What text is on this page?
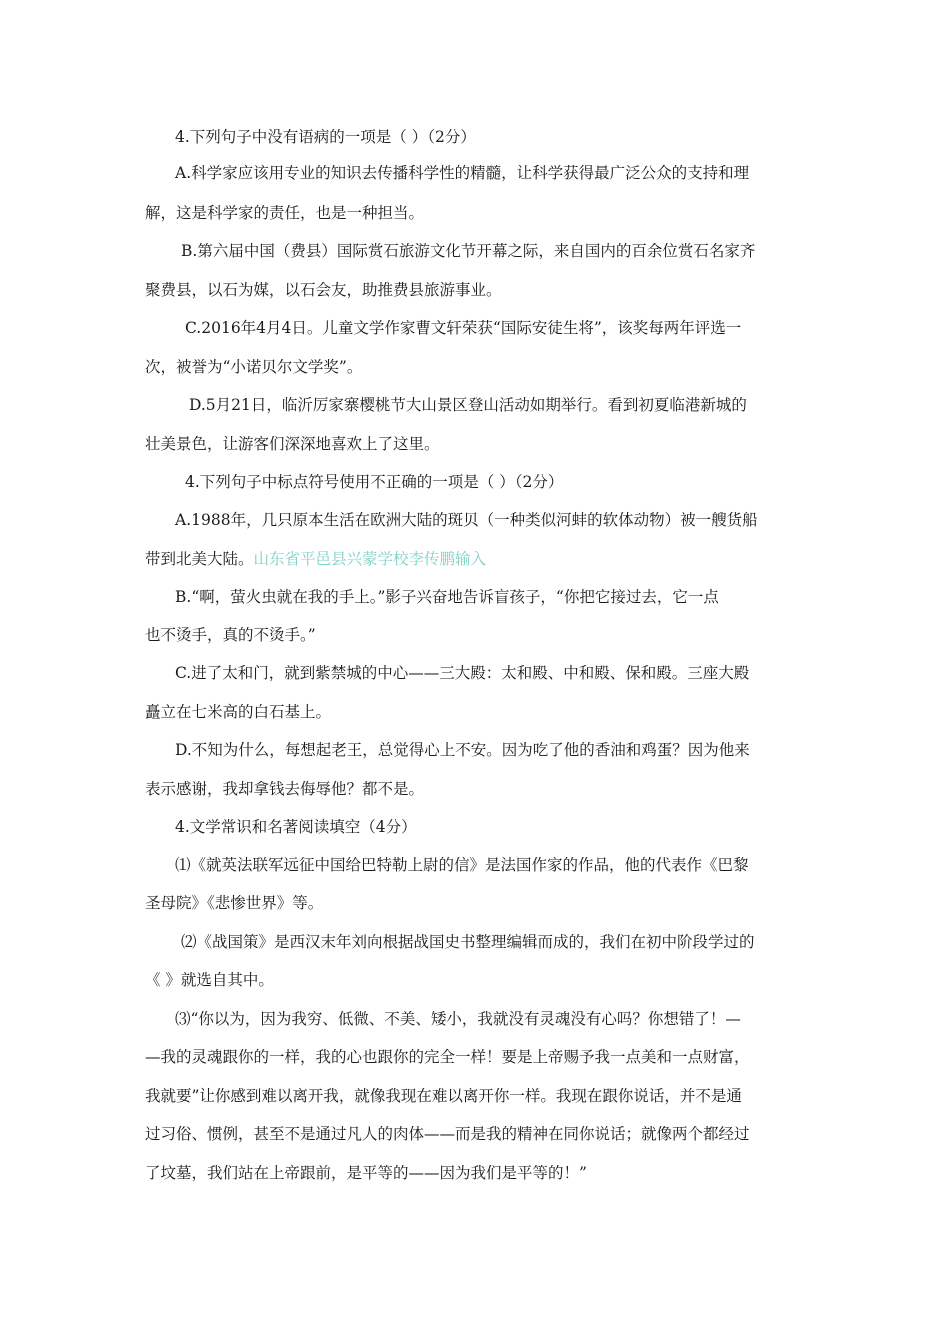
4.下列句子中没有语病的一项是（ ）（2分）
A.科学家应该用专业的知识去传播科学性的精髓，让科学获得最广泛公众的支持和理
解，这是科学家的责任，也是一种担当。
B.第六届中国（费县）国际赏石旅游文化节开幕之际，来自国内的百余位赏石名家齐
聚费县，以石为媒，以石会友，助推费县旅游事业。
C.2016年4月4日。儿童文学作家曹文轩荣获“国际安徒生将”，该奖每两年评选一
次，被誉为“小诺贝尔文学奖”。
D.5月21日，临沂厉家寨樱桃节大山景区登山活动如期举行。看到初夏临港新城的
壮美景色，让游客们深深地喜欢上了这里。
4.下列句子中标点符号使用不正确的一项是（ ）（2分）
A.1988年，几只原本生活在欧洲大陆的斑贝（一种类似河蚌的软体动物）被一艘货船
带到北美大陆。山东省平邑县兴蒙学校李传鹏输入
B.“啊，萤火虫就在我的手上。”影子兴奋地告诉盲孩子，“你把它接过去，它一点
也不烫手，真的不烫手。”
C.进了太和门，就到紫禁城的中心——三大殿：太和殿、中和殿、保和殿。三座大殿
矗立在七米高的白石基上。
D.不知为什么，每想起老王，总觉得心上不安。因为吃了他的香油和鸡蛋？因为他来
表示感谢，我却拿钱去侮辱他？都不是。
4.文学常识和名著阅读填空（4分）
⑴《就英法联军远征中国给巴特勒上尉的信》是法国作家的作品，他的代表作《巴黎
圣母院》《悲惨世界》等。
⑵《战国策》是西汉末年刘向根据战国史书整理编辑而成的，我们在初中阶段学过的
《 》就选自其中。
⑶“你以为，因为我穷、低微、不美、矮小，我就没有灵魂没有心吗？你想错了！—
—我的灵魂跟你的一样，我的心也跟你的完全一样！要是上帝赐予我一点美和一点财富，
我就要”让你感到难以离开我，就像我现在难以离开你一样。我现在跟你说话，并不是通
过习俗、惯例，甚至不是通过凡人的肉体——而是我的精神在同你说话；就像两个都经过
了坟墓，我们站在上帝跟前，是平等的——因为我们是平等的！”
